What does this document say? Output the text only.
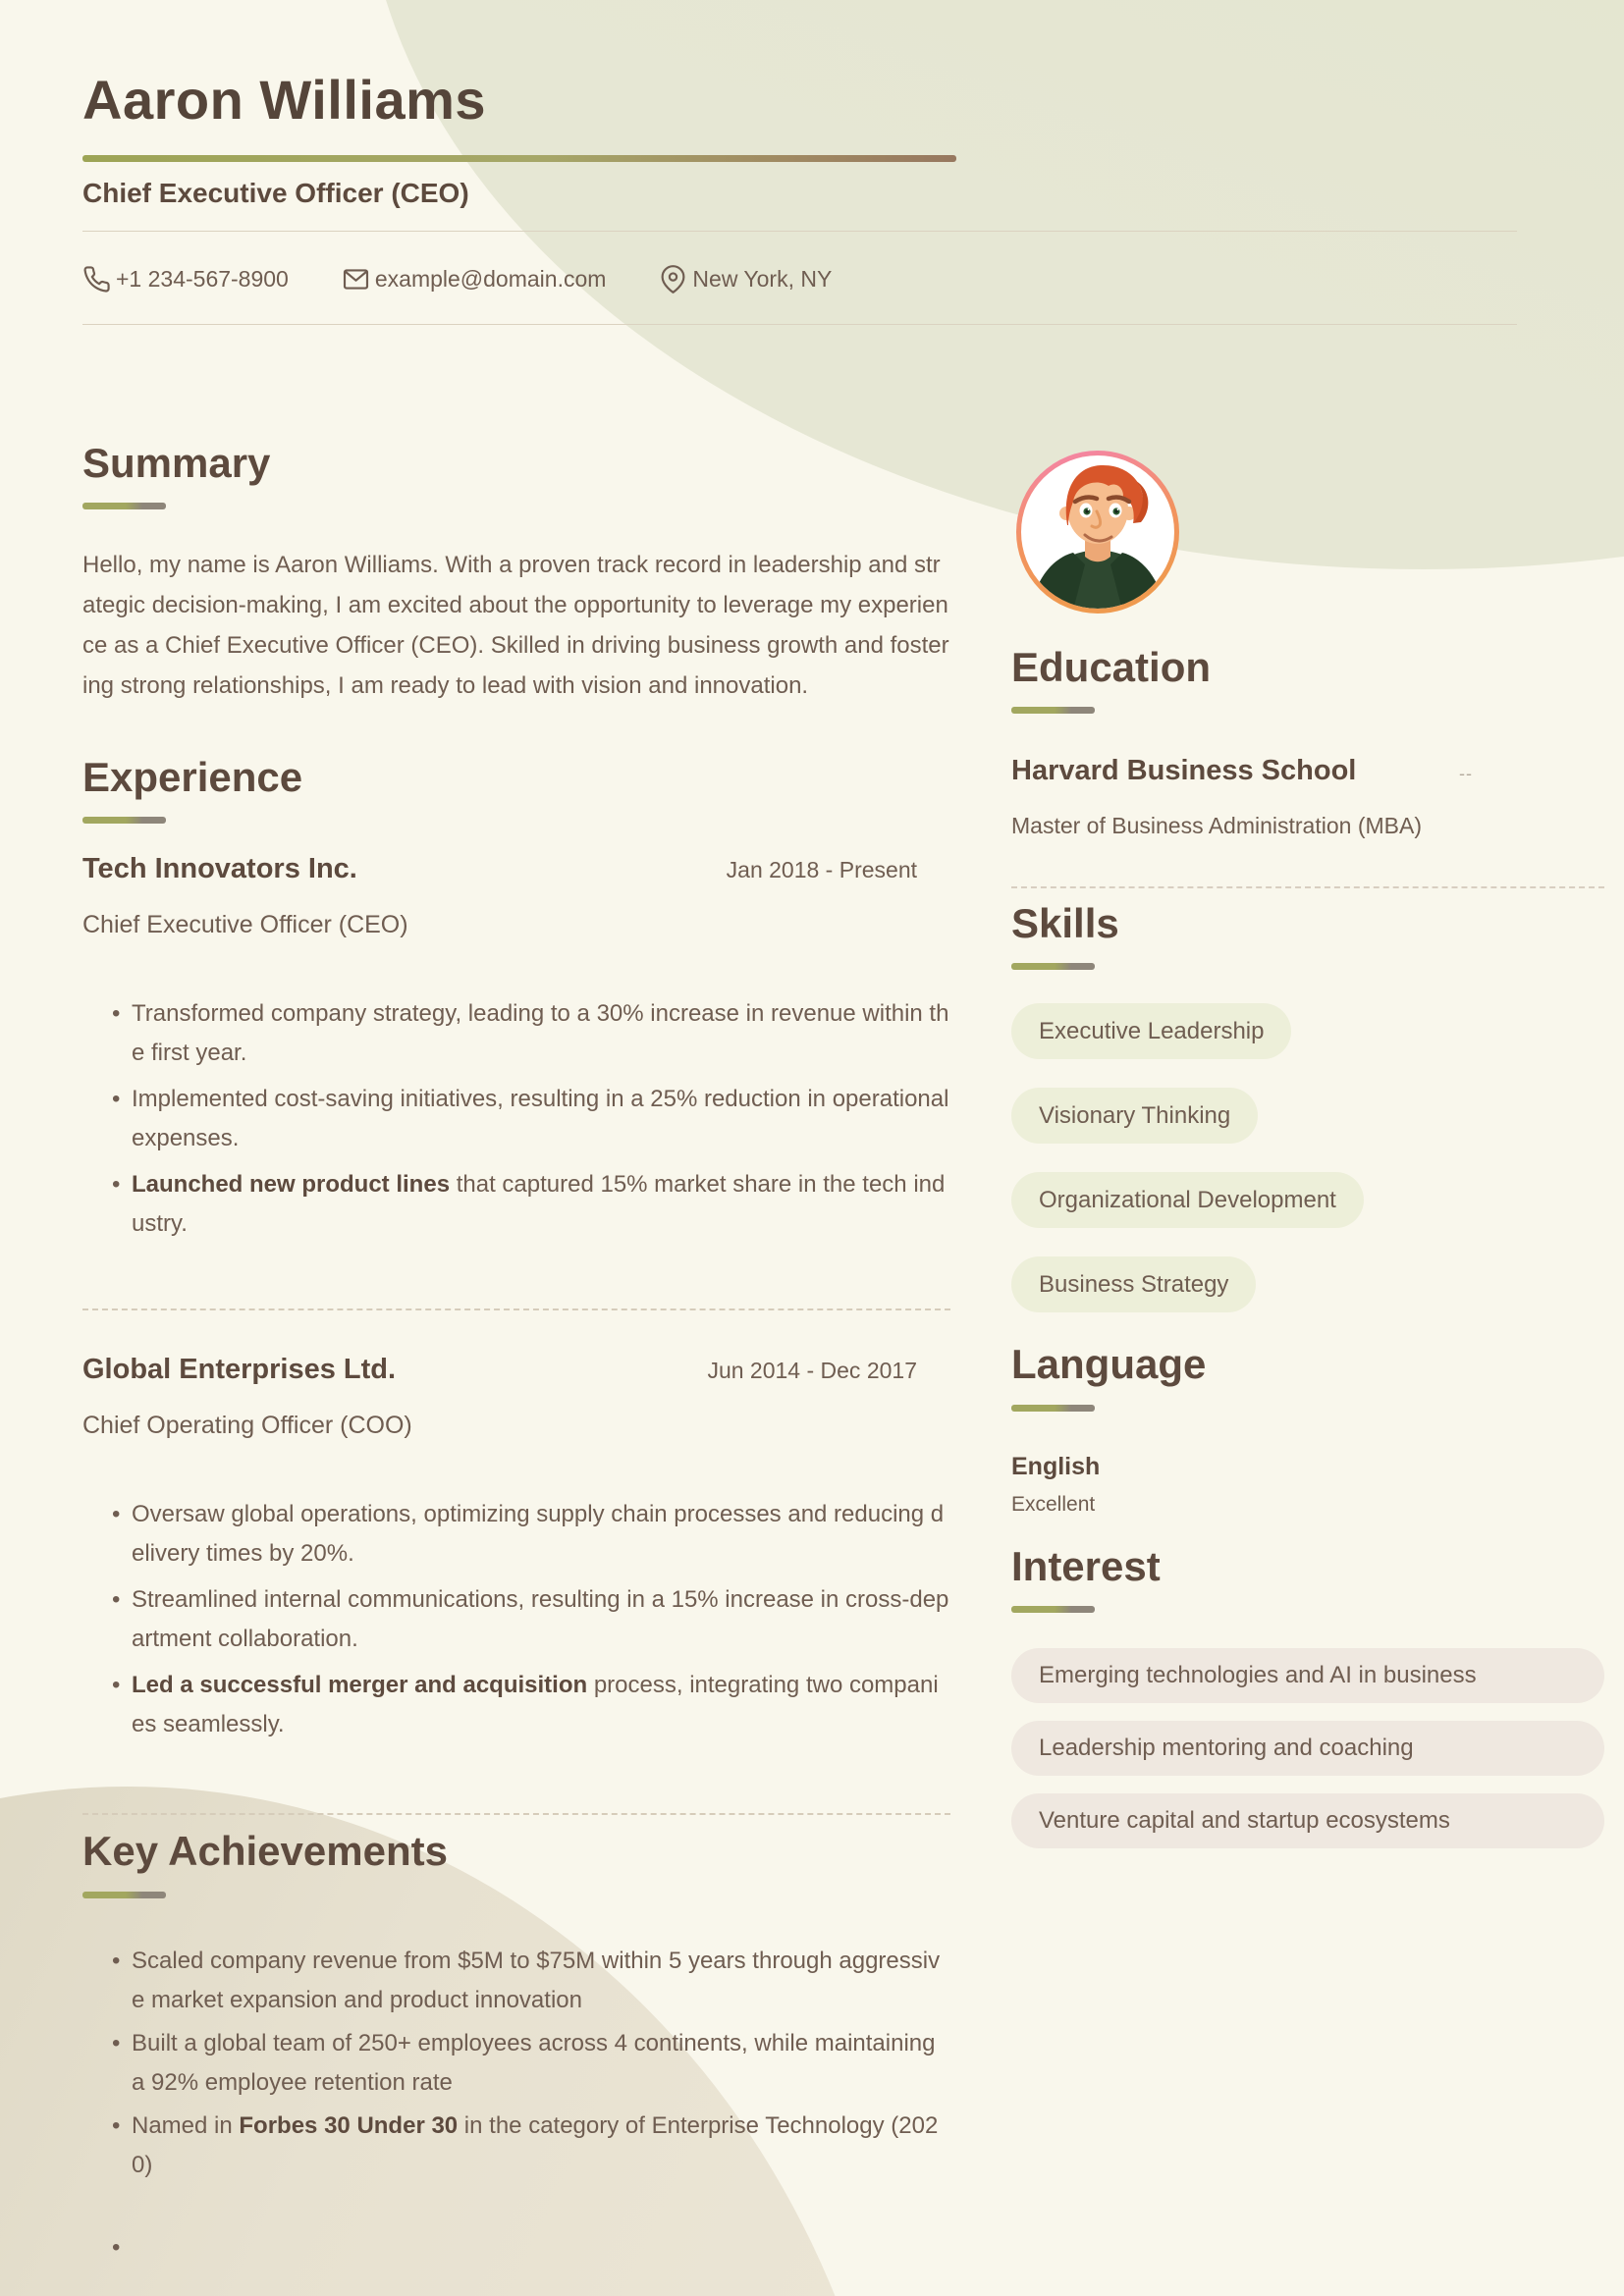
Aaron Williams
Chief Executive Officer (CEO)
+1 234-567-8900	example@domain.com	New York, NY
Summary

Hello, my name is Aaron Williams. With a proven track record in leadership and strategic decision-making, I am excited about the opportunity to leverage my experience as a Chief Executive Officer (CEO). Skilled in driving business growth and fostering strong relationships, I am ready to lead with vision and innovation.

Experience
Tech Innovators Inc.	Jan 2018 - Present
Chief Executive Officer (CEO)
• Transformed company strategy, leading to a 30% increase in revenue within the first year.
• Implemented cost-saving initiatives, resulting in a 25% reduction in operational expenses.
• Launched new product lines that captured 15% market share in the tech industry.
Global Enterprises Ltd.	Jun 2014 - Dec 2017
Chief Operating Officer (COO)
• Oversaw global operations, optimizing supply chain processes and reducing delivery times by 20%.
• Streamlined internal communications, resulting in a 15% increase in cross-department collaboration.
• Led a successful merger and acquisition process, integrating two companies seamlessly.
Key Achievements
• Scaled company revenue from $5M to $75M within 5 years through aggressive market expansion and product innovation
• Built a global team of 250+ employees across 4 continents, while maintaining a 92% employee retention rate
• Named in Forbes 30 Under 30 in the category of Enterprise Technology (2020)
•
Education
Harvard Business School	--
Master of Business Administration (MBA)
Skills
Executive Leadership
Visionary Thinking
Organizational Development
Business Strategy
Language
English
Excellent
Interest
Emerging technologies and AI in business
Leadership mentoring and coaching
Venture capital and startup ecosystems
